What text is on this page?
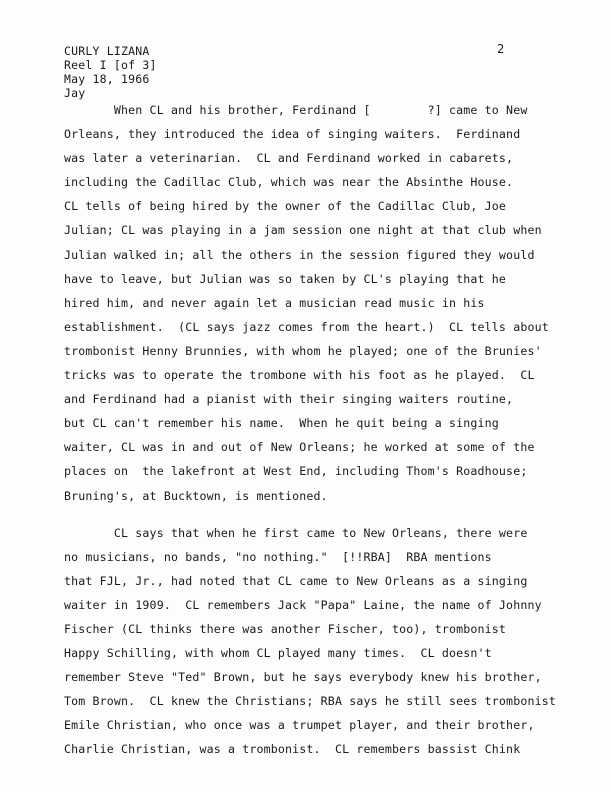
CURLY LIZANA
Reel I [of 3]
May 18, 1966
Jay
2
When CL and his brother, Ferdinand [        ?] came to New
Orleans, they introduced the idea of singing waiters.  Ferdinand
was later a veterinarian.  CL and Ferdinand worked in cabarets,
including the Cadillac Club, which was near the Absinthe House.
CL tells of being hired by the owner of the Cadillac Club, Joe
Julian; CL was playing in a jam session one night at that club when
Julian walked in; all the others in the session figured they would
have to leave, but Julian was so taken by CL's playing that he
hired him, and never again let a musician read music in his
establishment.  (CL says jazz comes from the heart.)  CL tells about
trombonist Henny Brunnies, with whom he played; one of the Brunies'
tricks was to operate the trombone with his foot as he played.  CL
and Ferdinand had a pianist with their singing waiters routine,
but CL can't remember his name.  When he quit being a singing
waiter, CL was in and out of New Orleans; he worked at some of the
places on  the lakefront at West End, including Thom's Roadhouse;
Bruning's, at Bucktown, is mentioned.
CL says that when he first came to New Orleans, there were
no musicians, no bands, "no nothing."  [!!RBA]  RBA mentions
that FJL, Jr., had noted that CL came to New Orleans as a singing
waiter in 1909.  CL remembers Jack "Papa" Laine, the name of Johnny
Fischer (CL thinks there was another Fischer, too), trombonist
Happy Schilling, with whom CL played many times.  CL doesn't
remember Steve "Ted" Brown, but he says everybody knew his brother,
Tom Brown.  CL knew the Christians; RBA says he still sees trombonist
Emile Christian, who once was a trumpet player, and their brother,
Charlie Christian, was a trombonist.  CL remembers bassist Chink
